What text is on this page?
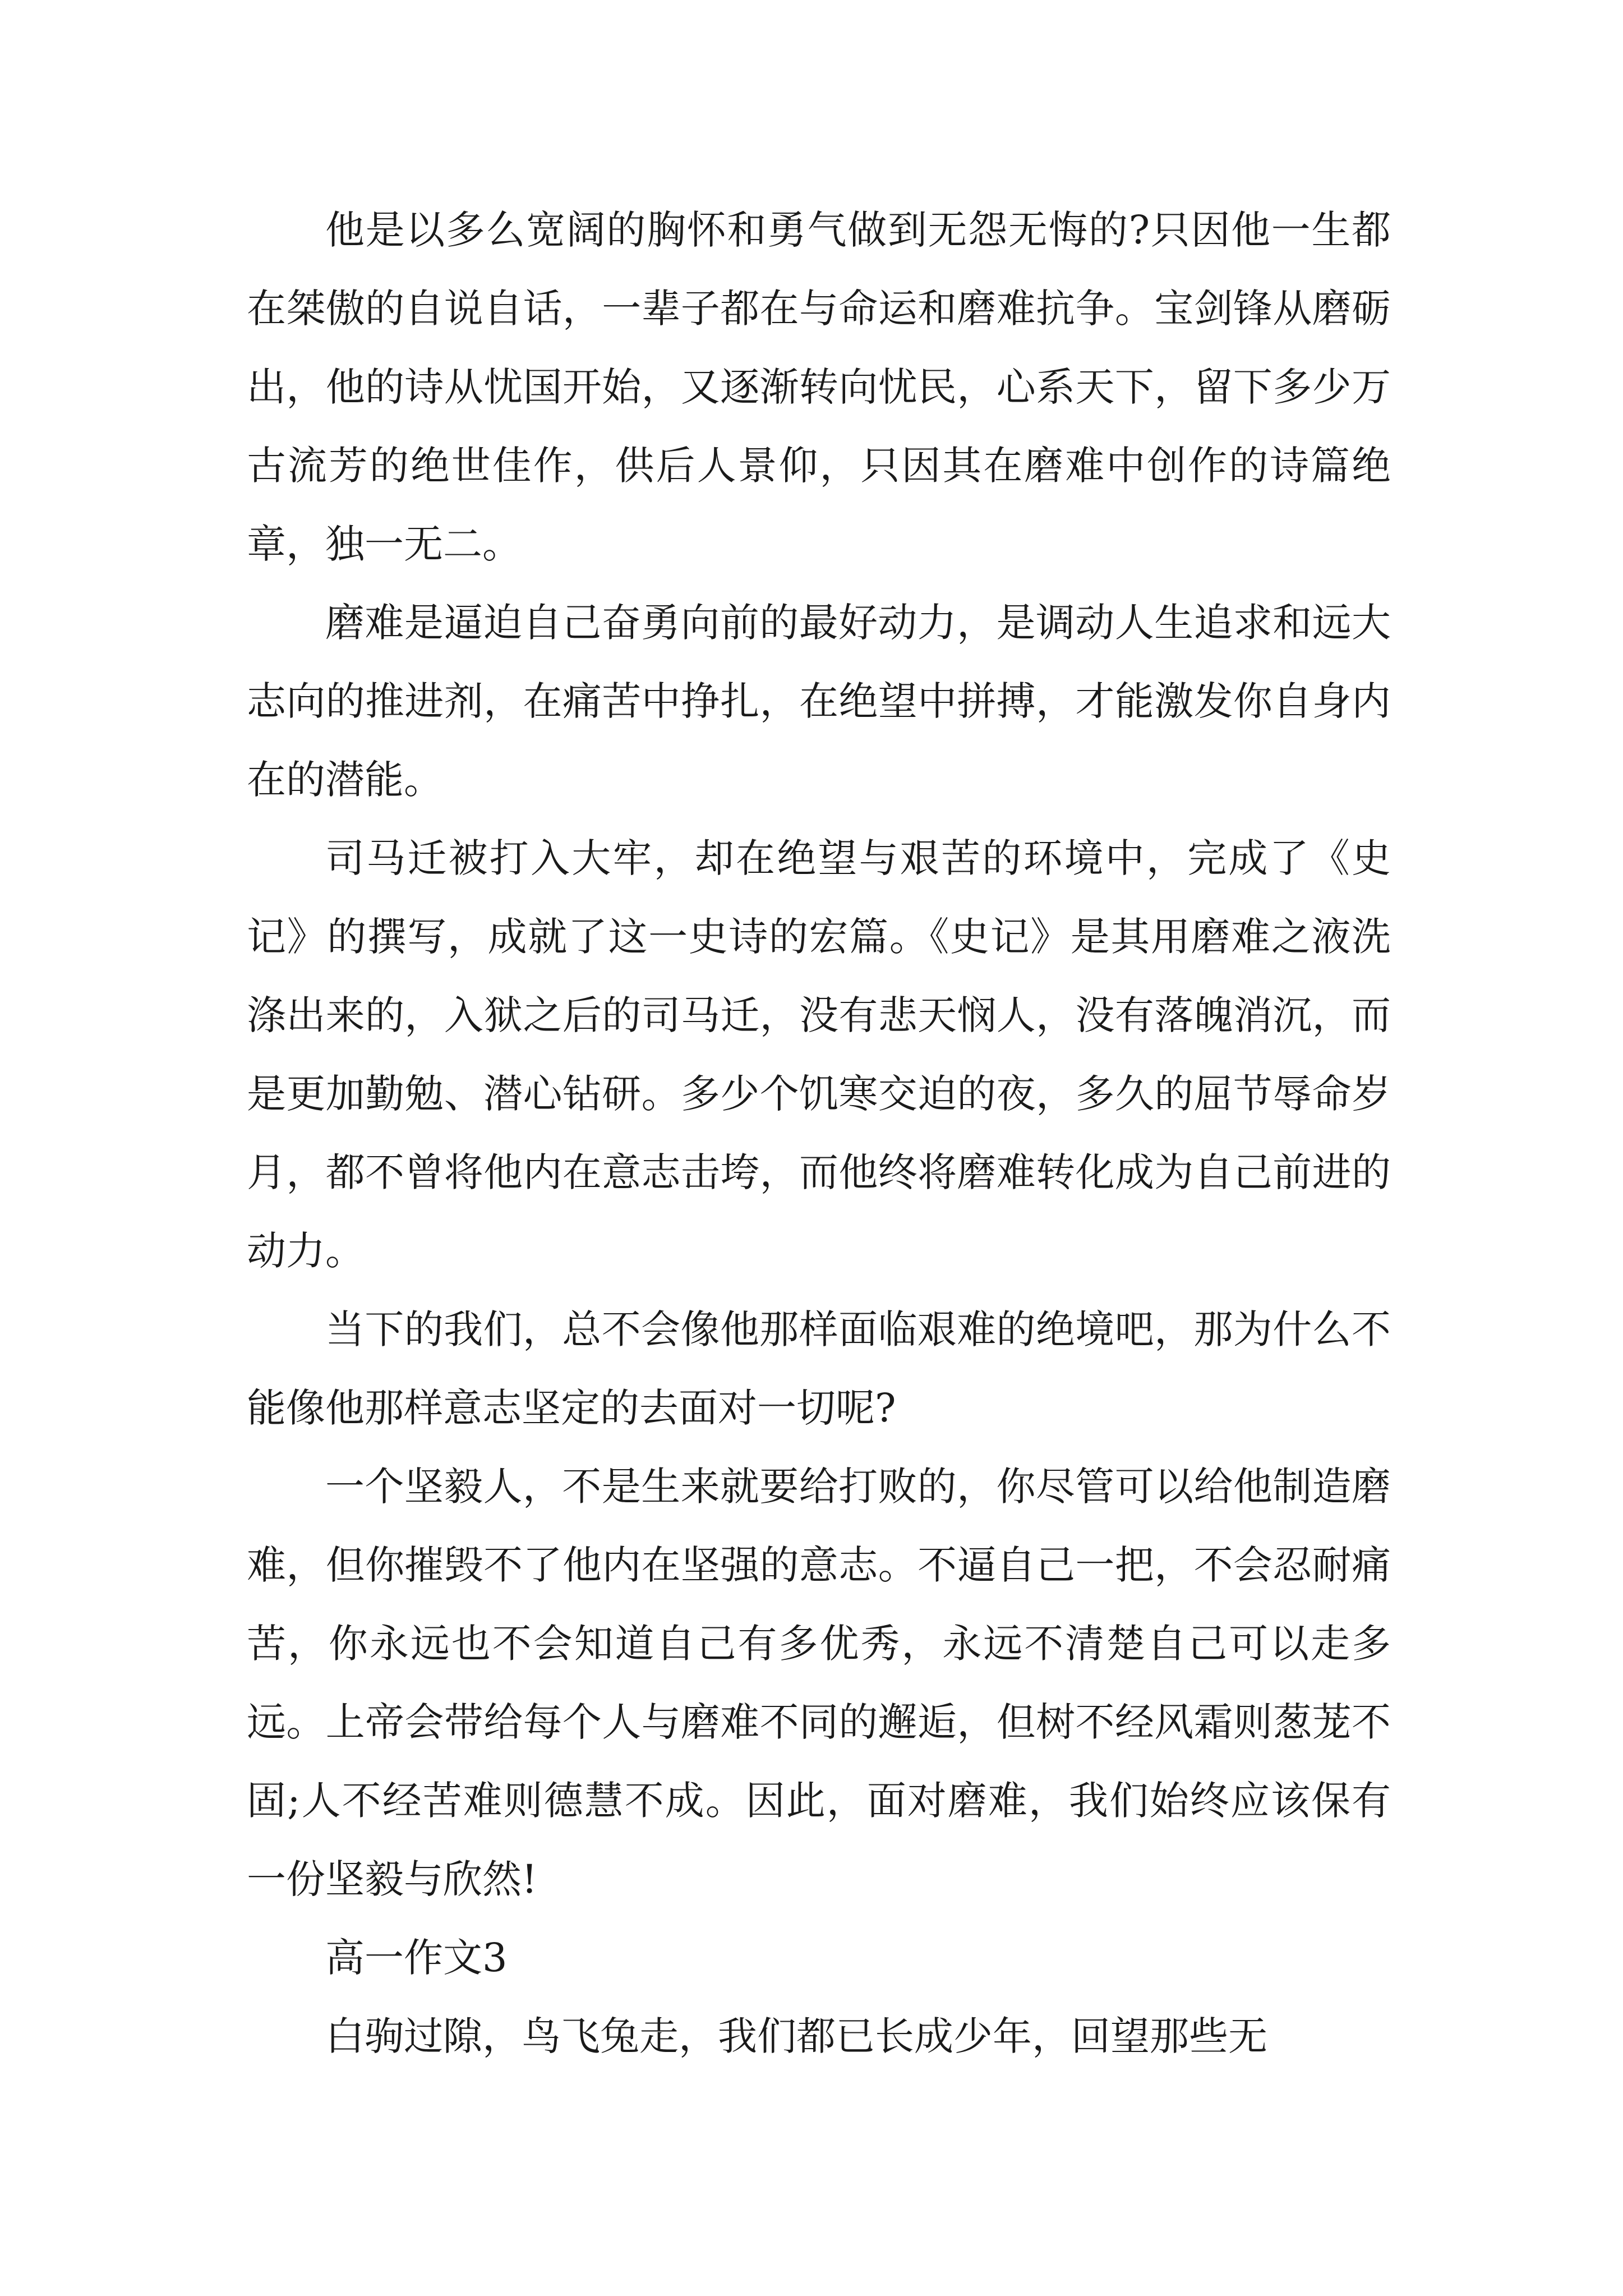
他是以多么宽阔的胸怀和勇气做到无怨无悔的?只因他一生都在桀傲的自说自话，一辈子都在与命运和磨难抗争。宝剑锋从磨砺出，他的诗从忧国开始，又逐渐转向忧民，心系天下，留下多少万古流芳的绝世佳作，供后人景仰，只因其在磨难中创作的诗篇绝章，独一无二。

磨难是逼迫自己奋勇向前的最好动力，是调动人生追求和远大志向的推进剂，在痛苦中挣扎，在绝望中拼搏，才能激发你自身内在的潜能。

司马迁被打入大牢，却在绝望与艰苦的环境中，完成了《史记》的撰写，成就了这一史诗的宏篇。《史记》是其用磨难之液洗涤出来的，入狱之后的司马迁，没有悲天悯人，没有落魄消沉，而是更加勤勉、潜心钻研。多少个饥寒交迫的夜，多久的屈节辱命岁月，都不曾将他内在意志击垮，而他终将磨难转化成为自己前进的动力。

当下的我们，总不会像他那样面临艰难的绝境吧，那为什么不能像他那样意志坚定的去面对一切呢?

一个坚毅人，不是生来就要给打败的，你尽管可以给他制造磨难，但你摧毁不了他内在坚强的意志。不逼自己一把，不会忍耐痛苦，你永远也不会知道自己有多优秀，永远不清楚自己可以走多远。上帝会带给每个人与磨难不同的邂逅，但树不经风霜则葱茏不固;人不经苦难则德慧不成。因此，面对磨难，我们始终应该保有一份坚毅与欣然!

高一作文3

白驹过隙，鸟飞兔走，我们都已长成少年，回望那些无
